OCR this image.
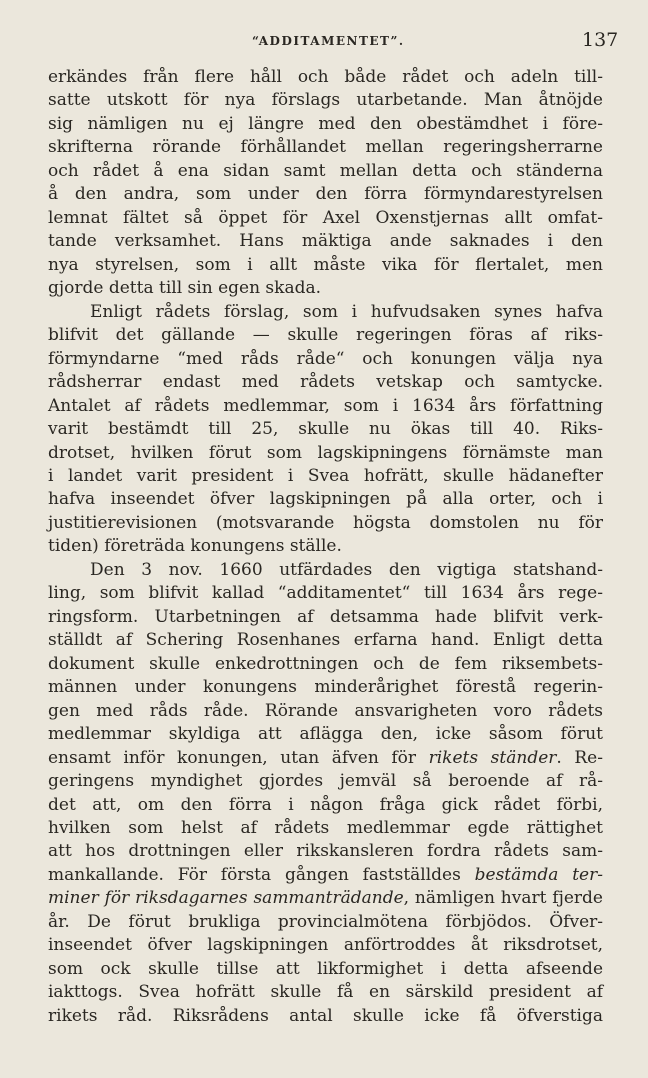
“ADDITAMENTET”.	137
erkändes från flere håll och både rådet och adeln till-
satte utskott för nya förslags utarbetande. Man åtnöjde
sig nämligen nu ej längre med den obestämdhet i före-
skrifterna rörande förhållandet mellan regeringsherrarne
och rådet å ena sidan samt mellan detta och ständerna
å den andra, som under den förra förmyndarestyrelsen
lemnat fältet så öppet för Axel Oxenstjernas allt omfat-
tande verksamhet. Hans mäktiga ande saknades i den
nya styrelsen, som i allt måste vika för flertalet, men
gjorde detta till sin egen skada.
Enligt rådets förslag, som i hufvudsaken synes hafva
blifvit det gällande — skulle regeringen föras af riks-
förmyndarne “med råds råde“ och konungen välja nya
rådsherrar endast med rådets vetskap och samtycke.
Antalet af rådets medlemmar, som i 1634 års författning
varit bestämdt till 25, skulle nu ökas till 40. Riks-
drotset, hvilken förut som lagskipningens förnämste man
i landet varit president i Svea hofrätt, skulle hädanefter
hafva inseendet öfver lagskipningen på alla orter, och i
justitierevisionen (motsvarande högsta domstolen nu för
tiden) företräda konungens ställe.
Den 3 nov. 1660 utfärdades den vigtiga statshand-
ling, som blifvit kallad “additamentet“ till 1634 års rege-
ringsform. Utarbetningen af detsamma hade blifvit verk-
ställdt af Schering Rosenhanes erfarna hand. Enligt detta
dokument skulle enkedrottningen och de fem riksembets-
männen under konungens minderårighet förestå regerin-
gen med råds råde. Rörande ansvarigheten voro rådets
medlemmar skyldiga att aflägga den, icke såsom förut
ensamt inför konungen, utan äfven för rikets ständer. Re-
geringens myndighet gjordes jemväl så beroende af rå-
det att, om den förra i någon fråga gick rådet förbi,
hvilken som helst af rådets medlemmar egde rättighet
att hos drottningen eller rikskansleren fordra rådets sam-
mankallande. För första gången fastställdes bestämda ter-
miner för riksdagarnes sammanträdande, nämligen hvart fjerde
år. De förut brukliga provincialmötena förbjödos. Öfver-
inseendet öfver lagskipningen anförtroddes åt riksdrotset,
som ock skulle tillse att likformighet i detta afseende
iakttogs. Svea hofrätt skulle få en särskild president af
rikets råd. Riksrådens antal skulle icke få öfverstiga
